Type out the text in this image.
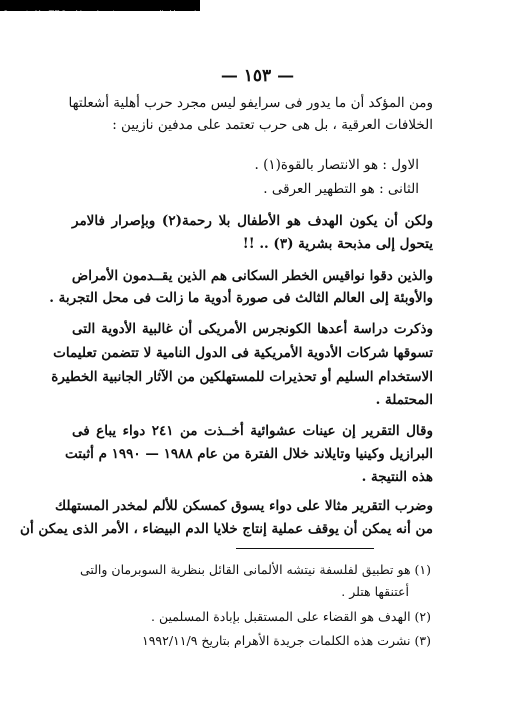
Converted by Tiff Combine - (no stamps are applied by registered version)
— ١٥٣ —
ومن المؤكد أن ما يدور فى سرايفو ليس مجرد حرب أهلية أشعلتها
الخلافات العرقية ، بل هى حرب تعتمد على مدفين نازيين :
الاول : هو الانتصار بالقوة(١) .
الثانى : هو التطهير العرقى .
ولكن أن يكون الهدف هو الأطفال بلا رحمة(٢) وبإصرار فالامر
يتحول إلى مذبحة بشرية (٣) .. !!
والذين دقوا نواقيس الخطر السكانى هم الذين يقــدمون الأمراض
والأوبئة إلى العالم الثالث فى صورة أدوية ما زالت فى محل التجربة .
وذكرت دراسة أعدها الكونجرس الأمريكى أن غالبية الأدوية التى
تسوقها شركات الأدوية الأمريكية فى الدول النامية لا تتضمن تعليمات
الاستخدام السليم أو تحذيرات للمستهلكين من الآثار الجانبية الخطيرة
المحتملة .
وقال التقرير إن عينات عشوائية أخــذت من ٢٤١ دواء يباع فى
البرازيل وكينيا وتايلاند خلال الفترة من عام ١٩٨٨ — ١٩٩٠ م أثبتت
هذه النتيجة .
وضرب التقرير مثالا على دواء يسوق كمسكن للألم لمخدر المستهلك
من أنه يمكن أن يوقف عملية إنتاج خلايا الدم البيضاء ، الأمر الذى يمكن أن
(١) هو تطبيق لفلسفة نيتشه الألمانى القائل بنظرية السوبرمان والتى
أعتنقها هتلر .
(٢) الهدف هو القضاء على المستقبل بإبادة المسلمين .
(٣) نشرت هذه الكلمات جريدة الأهرام بتاريخ ١٩٩٢/١١/٩
